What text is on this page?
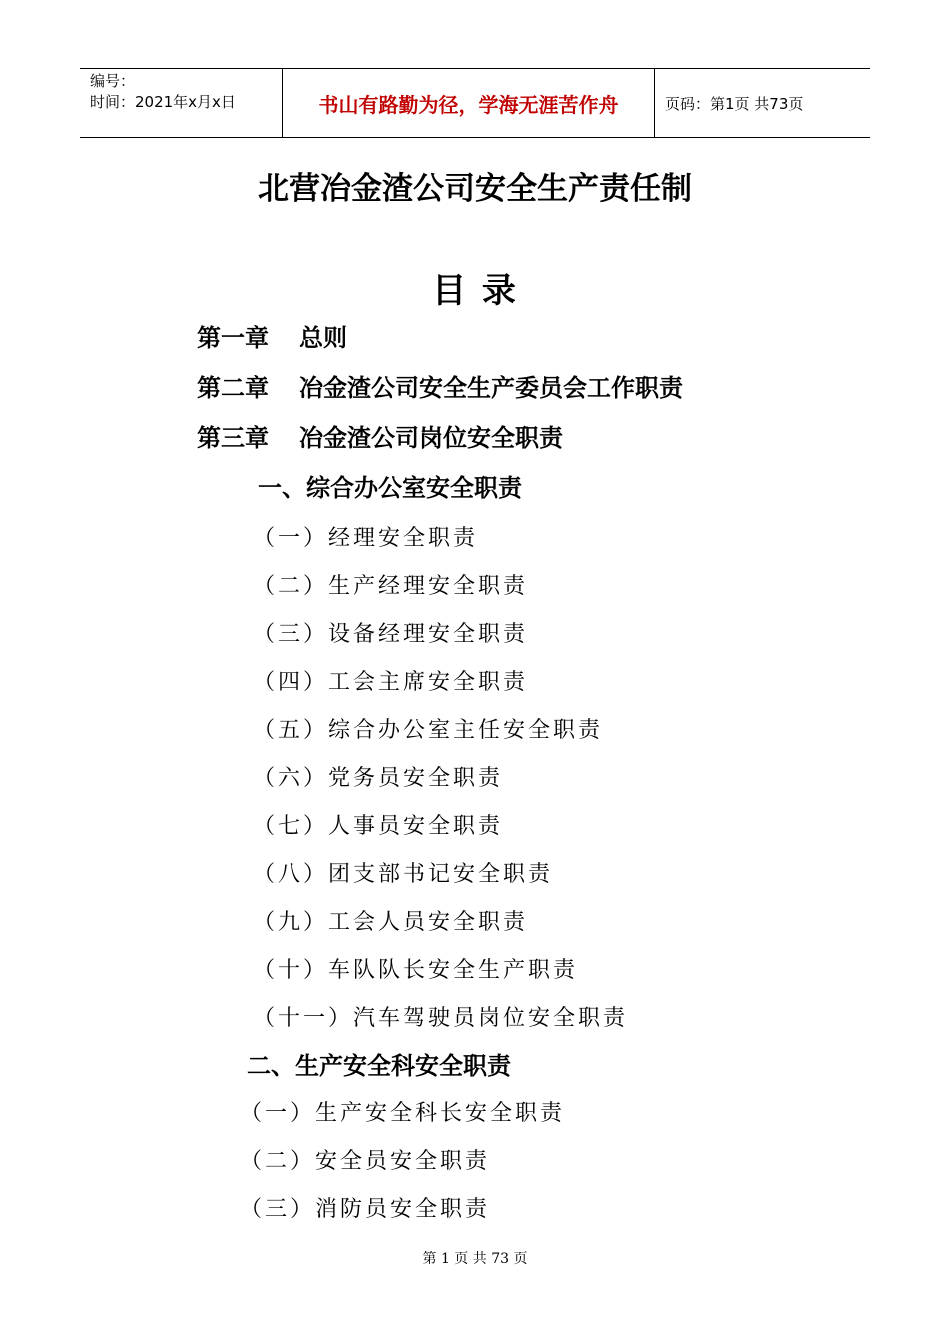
编号：
时间：2021年x月x日	书山有路勤为径，学海无涯苦作舟	页码：第1页 共73页
北营冶金渣公司安全生产责任制
目 录
第一章 总则
第二章 冶金渣公司安全生产委员会工作职责
第三章 冶金渣公司岗位安全职责
一、综合办公室安全职责
（一）经理安全职责
（二）生产经理安全职责
（三）设备经理安全职责
（四）工会主席安全职责
（五）综合办公室主任安全职责
（六）党务员安全职责
（七）人事员安全职责
（八）团支部书记安全职责
（九）工会人员安全职责
（十）车队队长安全生产职责
（十一）汽车驾驶员岗位安全职责
二、生产安全科安全职责
（一）生产安全科长安全职责
（二）安全员安全职责
（三）消防员安全职责
第 1 页 共 73 页
